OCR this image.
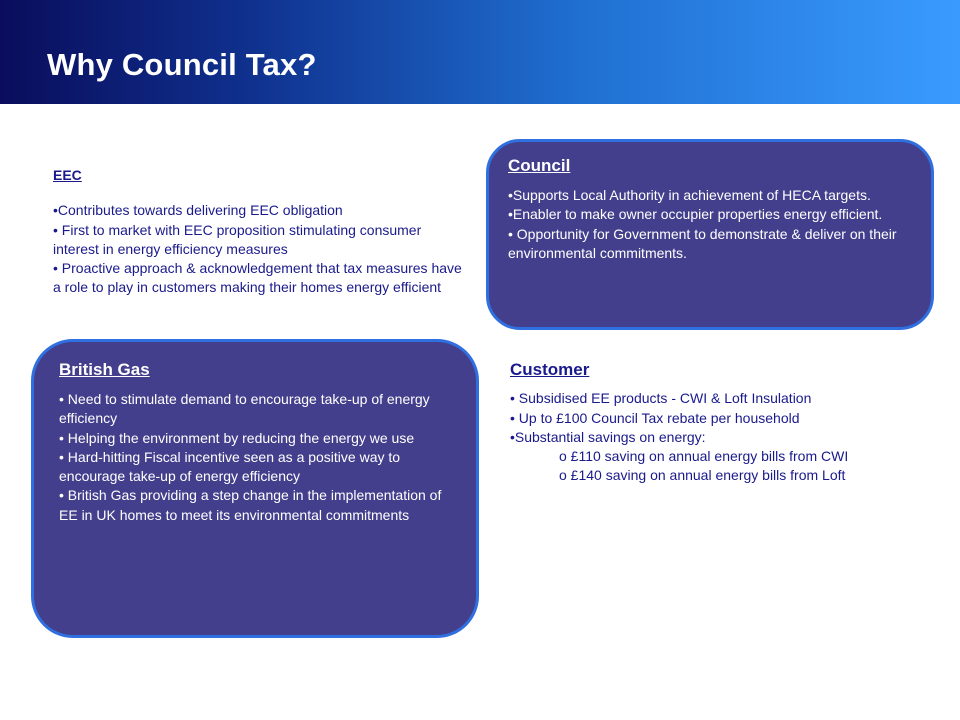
Why Council Tax?
EEC
•Contributes towards delivering EEC obligation
• First to market with EEC proposition stimulating consumer interest in energy efficiency measures
• Proactive approach & acknowledgement that tax measures have a role to play in customers making their homes energy efficient
Council
•Supports Local Authority in achievement of HECA targets.
•Enabler to make owner occupier properties energy efficient.
• Opportunity for Government to demonstrate & deliver on their environmental commitments.
British Gas
• Need to stimulate demand to encourage take-up of energy efficiency
• Helping the environment by reducing the energy we use
• Hard-hitting Fiscal incentive seen as a positive way to encourage take-up of energy efficiency
• British Gas providing a step change in the implementation of EE in UK homes to meet its environmental commitments
Customer
• Subsidised EE products - CWI & Loft Insulation
• Up to £100 Council Tax rebate per household
•Substantial savings on energy:
o £110 saving on annual energy bills from CWI
o £140 saving on annual energy bills from Loft
